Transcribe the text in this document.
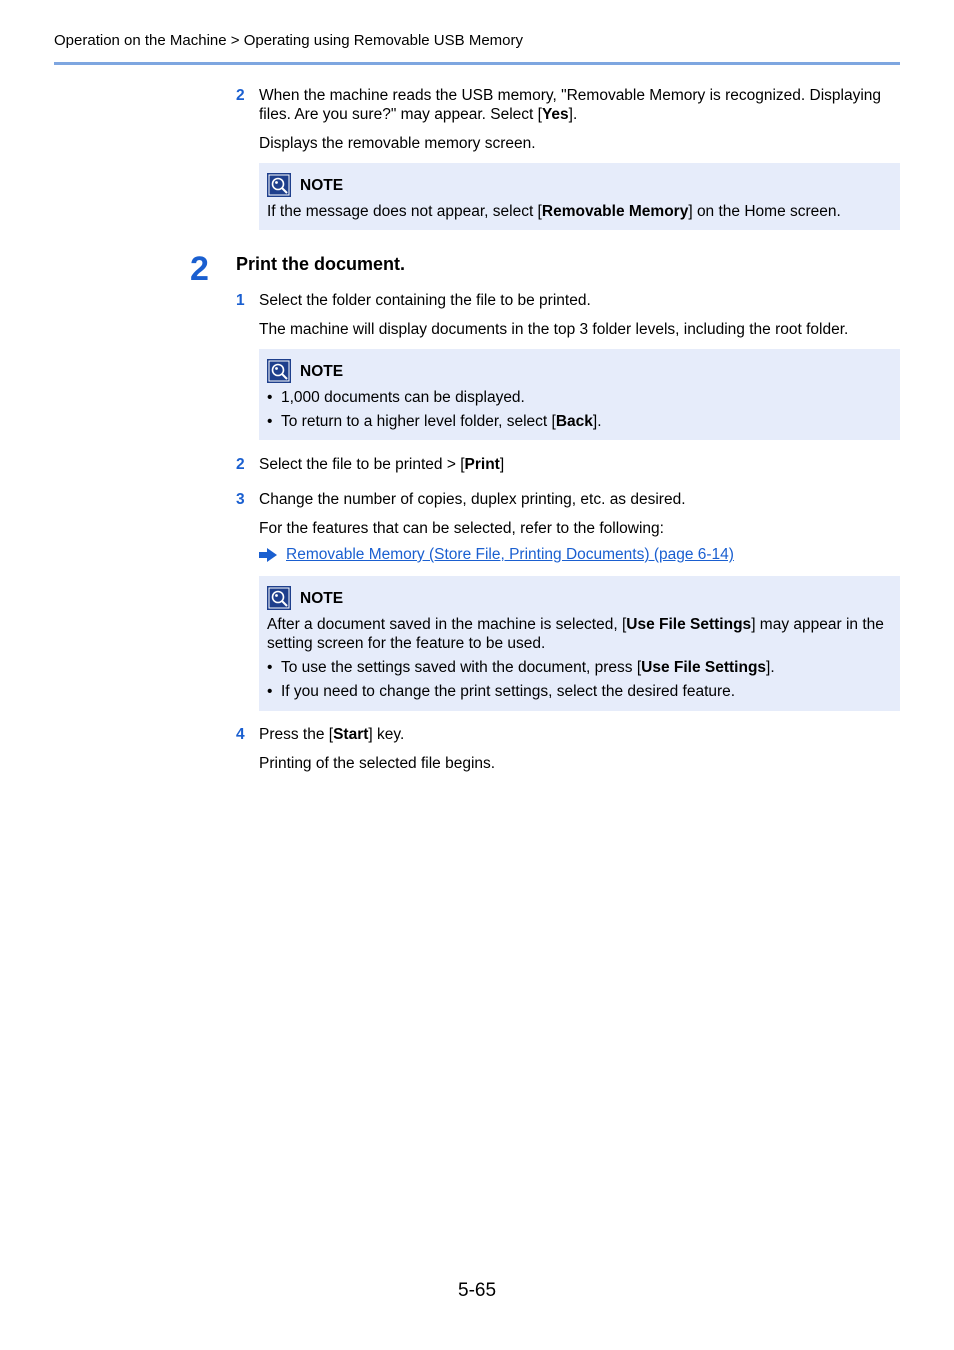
Operation on the Machine > Operating using Removable USB Memory
2 When the machine reads the USB memory, "Removable Memory is recognized. Displaying
files. Are you sure?" may appear. Select [Yes].
Displays the removable memory screen.
NOTE

If the message does not appear, select [Removable Memory] on the Home screen.

2 Print the document.
1 Select the folder containing the file to be printed.
The machine will display documents in the top 3 folder levels, including the root folder.
NOTE
• 1,000 documents can be displayed.
• To return to a higher level folder, select [Back].
2 Select the file to be printed > [Print]
3 Change the number of copies, duplex printing, etc. as desired.
For the features that can be selected, refer to the following:
Removable Memory (Store File, Printing Documents) (page 6-14)
NOTE

After a document saved in the machine is selected, [Use File Settings] may appear in the setting screen for the feature to be used.

• To use the settings saved with the document, press [Use File Settings].
• If you need to change the print settings, select the desired feature.
4 Press the [Start] key.
Printing of the selected file begins.
5-65
